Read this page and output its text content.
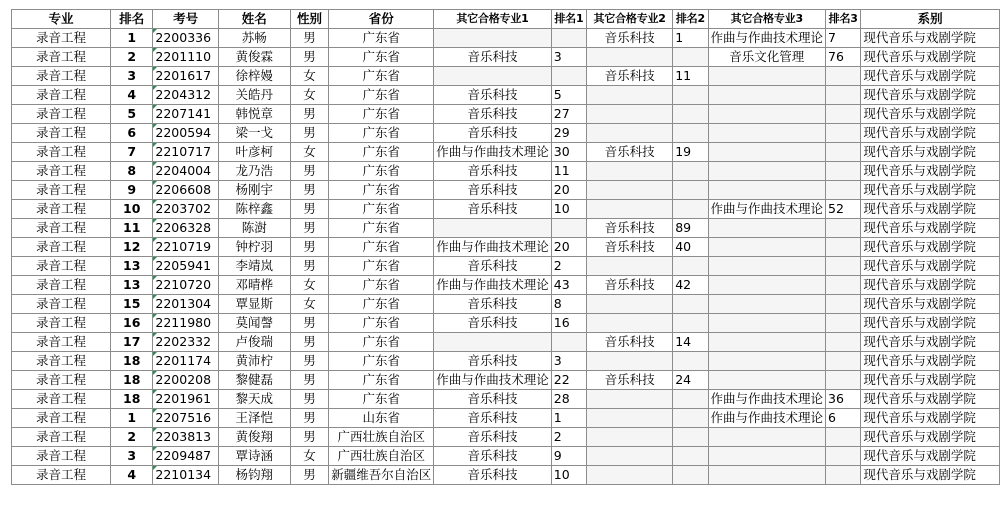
专业	排名	考号	姓名	性别	省份	其它合格专业1	排名1	其它合格专业2	排名2	其它合格专业3	排名3	系别
录音工程	1	2200336	苏畅	男	广东省			音乐科技	1	作曲与作曲技术理论	7	现代音乐与戏剧学院
录音工程	2	2201110	黄俊霖	男	广东省	音乐科技	3			音乐文化管理	76	现代音乐与戏剧学院
录音工程	3	2201617	徐梓嫚	女	广东省			音乐科技	11			现代音乐与戏剧学院
录音工程	4	2204312	关皓丹	女	广东省	音乐科技	5					现代音乐与戏剧学院
录音工程	5	2207141	韩悦章	男	广东省	音乐科技	27					现代音乐与戏剧学院
录音工程	6	2200594	梁一戈	男	广东省	音乐科技	29					现代音乐与戏剧学院
录音工程	7	2210717	叶彦柯	女	广东省	作曲与作曲技术理论	30	音乐科技	19			现代音乐与戏剧学院
录音工程	8	2204004	龙乃浩	男	广东省	音乐科技	11					现代音乐与戏剧学院
录音工程	9	2206608	杨刚宇	男	广东省	音乐科技	20					现代音乐与戏剧学院
录音工程	10	2203702	陈梓鑫	男	广东省	音乐科技	10			作曲与作曲技术理论	52	现代音乐与戏剧学院
录音工程	11	2206328	陈澍	男	广东省			音乐科技	89			现代音乐与戏剧学院
录音工程	12	2210719	钟柠羽	男	广东省	作曲与作曲技术理论	20	音乐科技	40			现代音乐与戏剧学院
录音工程	13	2205941	李靖岚	男	广东省	音乐科技	2					现代音乐与戏剧学院
录音工程	13	2210720	邓晴桦	女	广东省	作曲与作曲技术理论	43	音乐科技	42			现代音乐与戏剧学院
录音工程	15	2201304	覃显斯	女	广东省	音乐科技	8					现代音乐与戏剧学院
录音工程	16	2211980	莫闻謦	男	广东省	音乐科技	16					现代音乐与戏剧学院
录音工程	17	2202332	卢俊瑞	男	广东省			音乐科技	14			现代音乐与戏剧学院
录音工程	18	2201174	黄沛柠	男	广东省	音乐科技	3					现代音乐与戏剧学院
录音工程	18	2200208	黎健磊	男	广东省	作曲与作曲技术理论	22	音乐科技	24			现代音乐与戏剧学院
录音工程	18	2201961	黎天成	男	广东省	音乐科技	28			作曲与作曲技术理论	36	现代音乐与戏剧学院
录音工程	1	2207516	王泽恺	男	山东省	音乐科技	1			作曲与作曲技术理论	6	现代音乐与戏剧学院
录音工程	2	2203813	黄俊翔	男	广西壮族自治区	音乐科技	2					现代音乐与戏剧学院
录音工程	3	2209487	覃诗涵	女	广西壮族自治区	音乐科技	9					现代音乐与戏剧学院
录音工程	4	2210134	杨钧翔	男	新疆维吾尔自治区	音乐科技	10					现代音乐与戏剧学院
